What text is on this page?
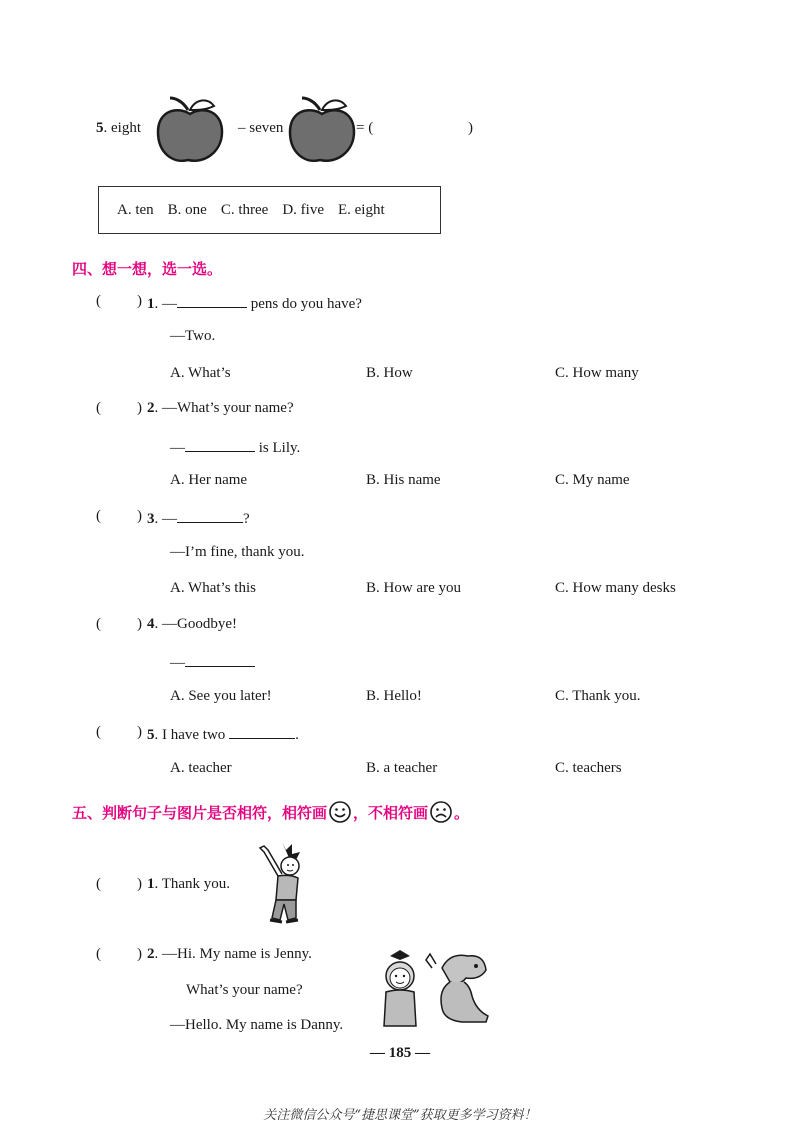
5. eight	– seven	= (	)
A. ten B. one C. three D. five E. eight
四、想一想，选一选。
( ) 1. —	pens do you have?
—Two.
A. What’s	B. How	C. How many
( ) 2. —What’s your name?
—	is Lily.
A. Her name	B. His name	C. My name
( ) 3. —	?
—I’m fine, thank you.
A. What’s this	B. How are you	C. How many desks
( ) 4. —Goodbye!
—
A. See you later!	B. Hello!	C. Thank you.
( ) 5. I have two	.
A. teacher	B. a teacher	C. teachers
五、判断句子与图片是否相符，相符画 ，不相符画 。
( ) 1. Thank you.
( ) 2. —Hi. My name is Jenny.
What’s your name?
—Hello. My name is Danny.
— 185 —
关注微信公众号“捷思课堂”获取更多学习资料！
